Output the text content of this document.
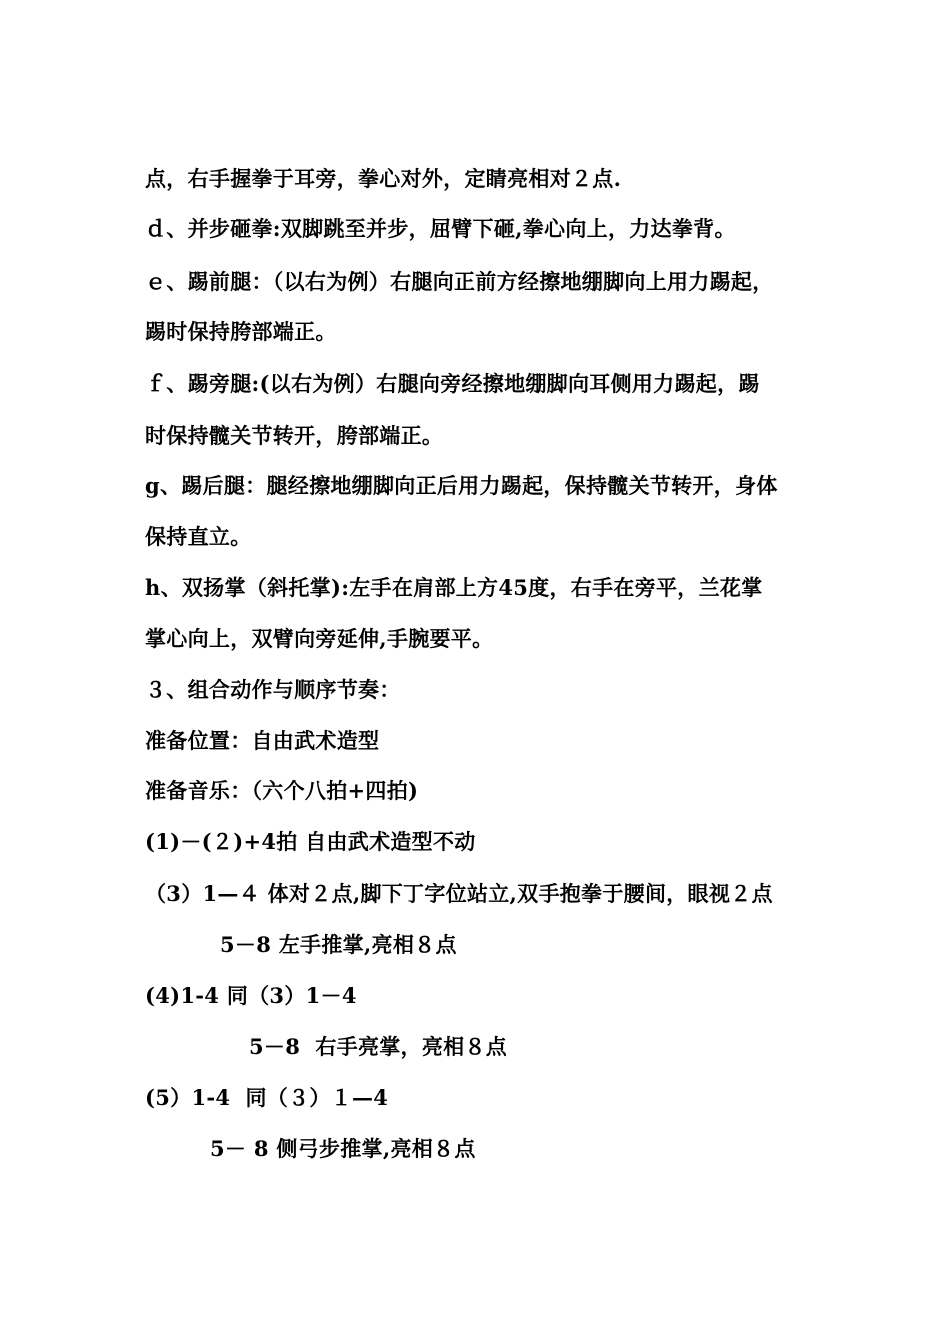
点，右手握拳于耳旁，拳心对外，定睛亮相对２点.
ｄ、并步砸拳:双脚跳至并步，屈臂下砸,拳心向上，力达拳背。
ｅ、踢前腿：（以右为例）右腿向正前方经擦地绷脚向上用力踢起，
踢时保持胯部端正。
ｆ、踢旁腿:(以右为例）右腿向旁经擦地绷脚向耳侧用力踢起，踢
时保持髋关节转开，胯部端正。
g、踢后腿：腿经擦地绷脚向正后用力踢起，保持髋关节转开，身体
保持直立。
h、双扬掌（斜托掌):左手在肩部上方45度，右手在旁平，兰花掌
掌心向上，双臂向旁延伸,手腕要平。
３、组合动作与顺序节奏：
准备位置：自由武术造型
准备音乐：（六个八拍+四拍)
(1)－(２)+4拍 自由武术造型不动
（3）1—４ 体对２点,脚下丁字位站立,双手抱拳于腰间，眼视２点
5－8 左手推掌,亮相８点
(4)1-4 同（3）1－4
5－8  右手亮掌，亮相８点
(5）1-4  同（３）１—4
5－ 8 侧弓步推掌,亮相８点
